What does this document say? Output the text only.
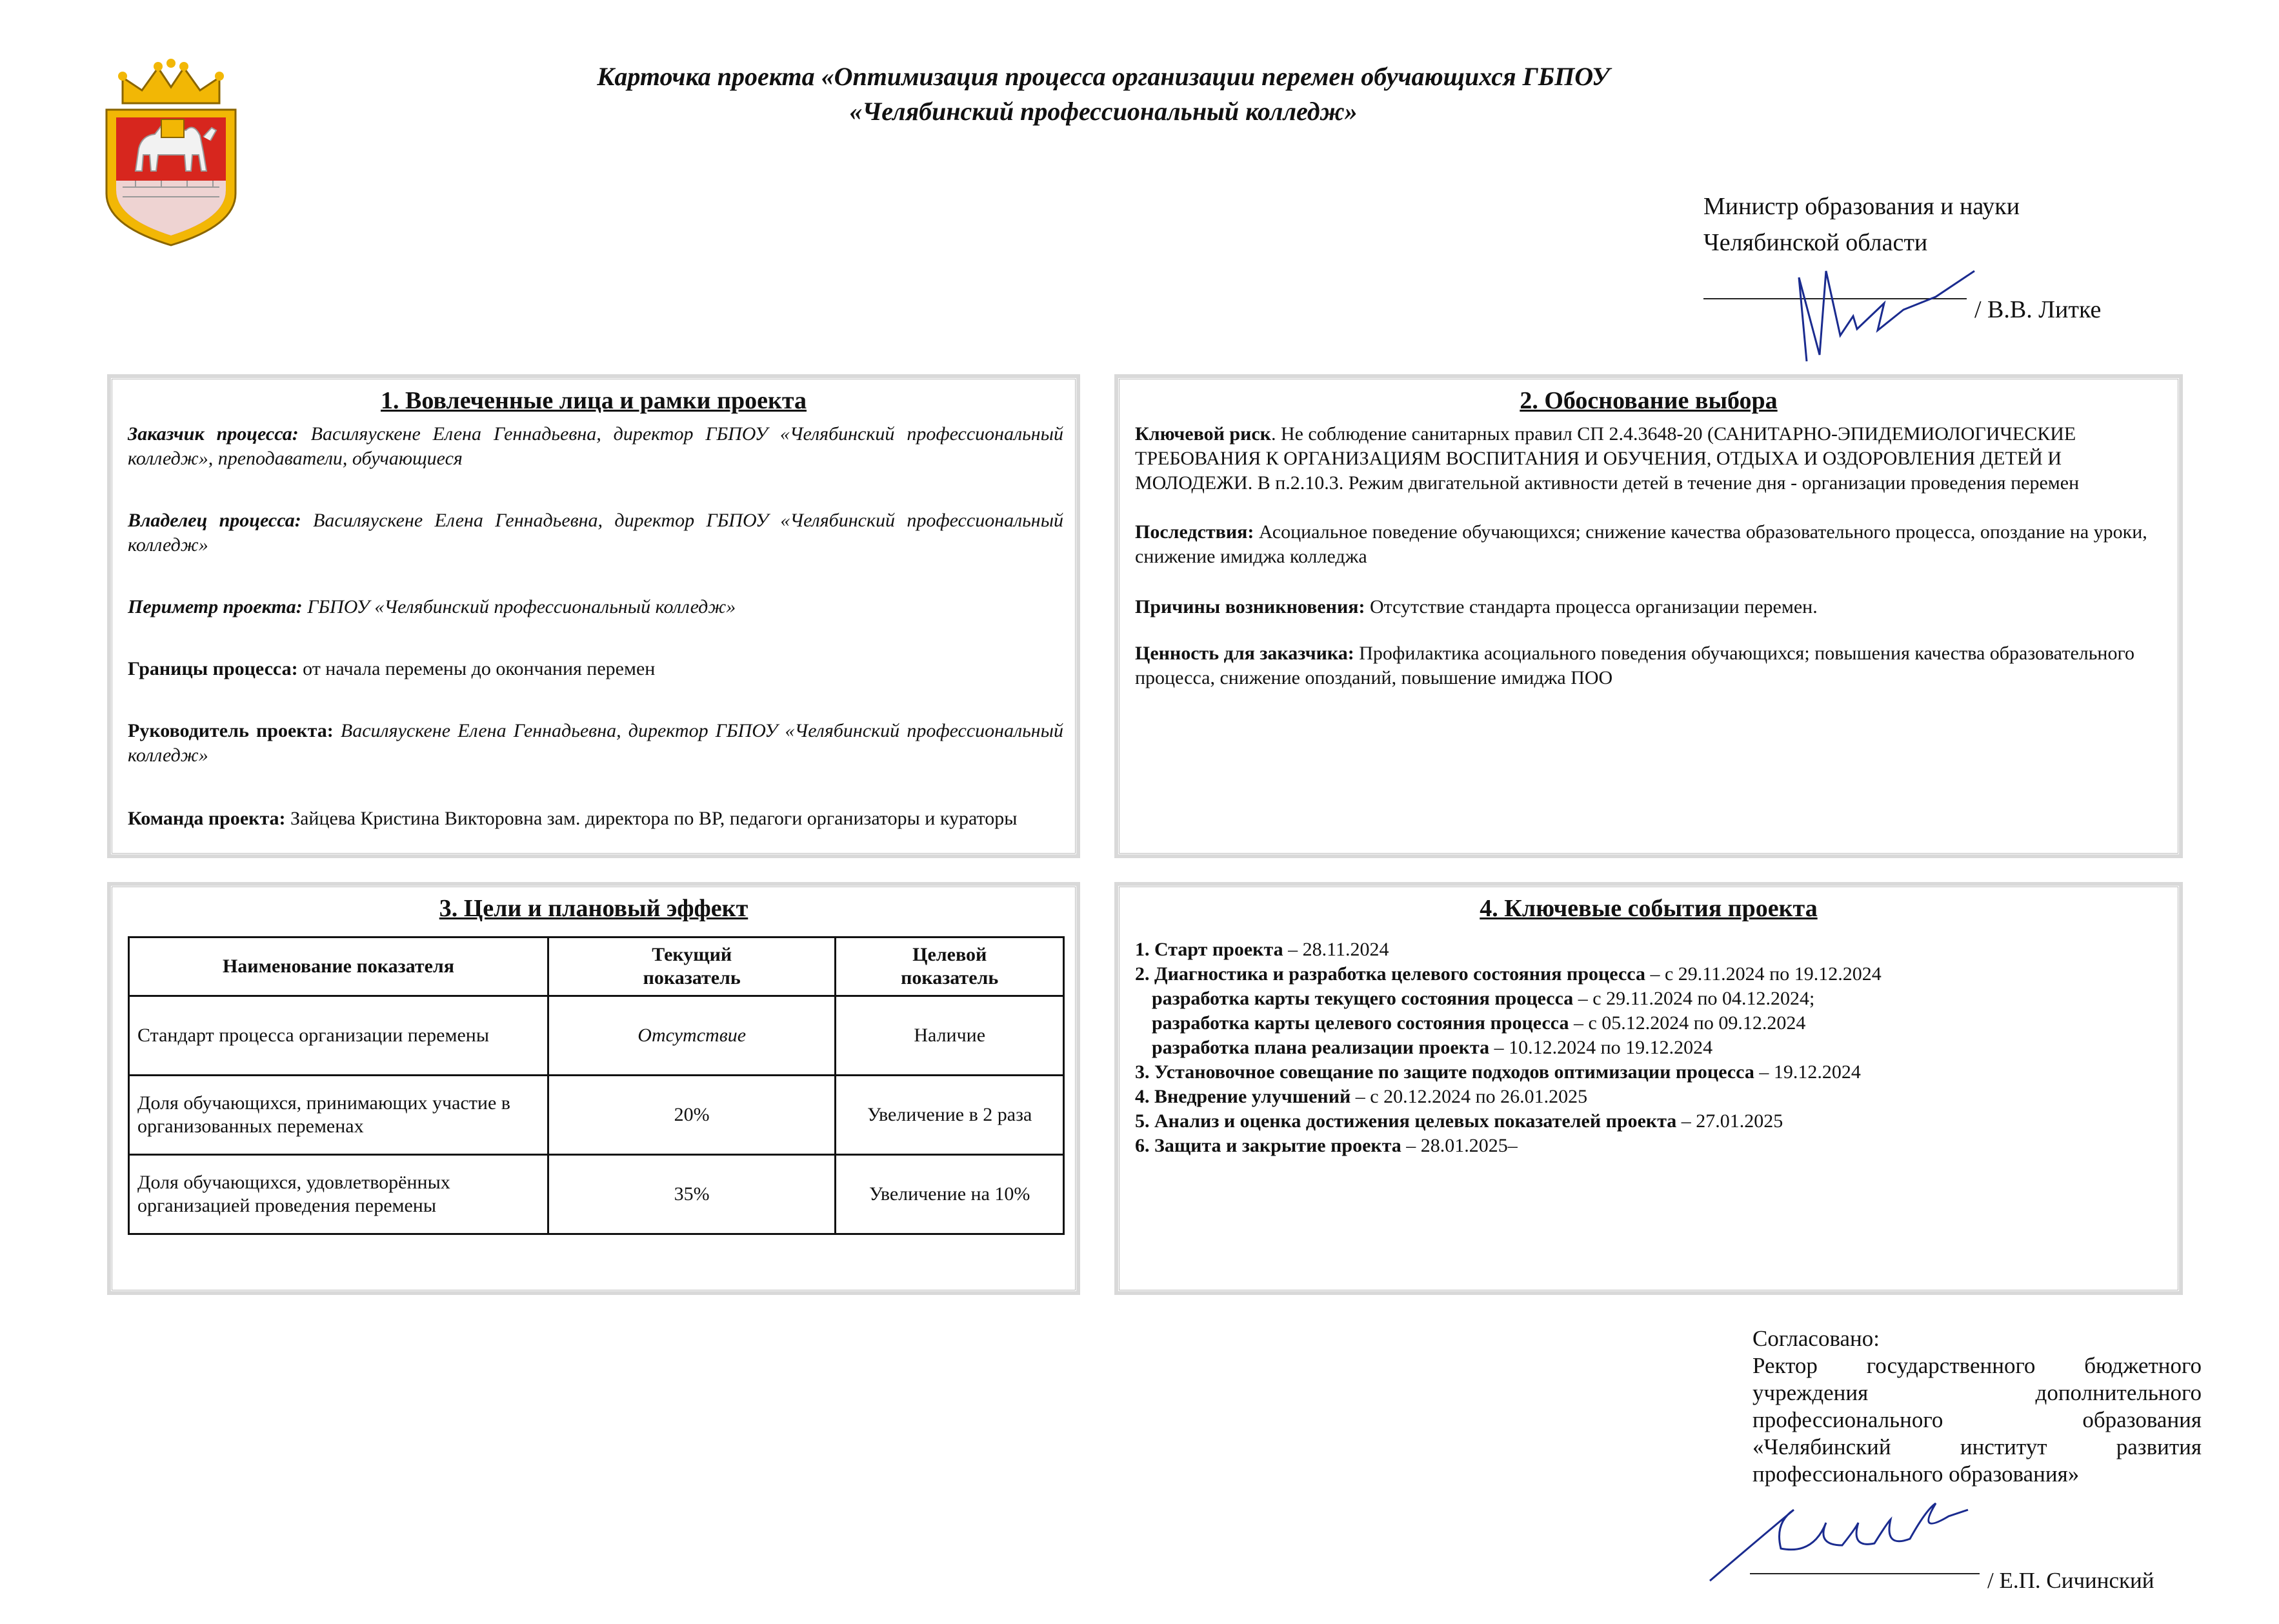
Карточка проекта «Оптимизация процесса организации перемен обучающихся ГБПОУ
«Челябинский профессиональный колледж»
Министр образования и науки
Челябинской области
/ В.В. Литке
1. Вовлеченные лица и рамки проекта
Заказчик процесса: Василяускене Елена Геннадьевна, директор ГБПОУ «Челябинский профессиональный колледж», преподаватели, обучающиеся
Владелец процесса: Василяускене Елена Геннадьевна, директор ГБПОУ «Челябинский профессиональный колледж»
Периметр проекта: ГБПОУ «Челябинский профессиональный колледж»
Границы процесса: от начала перемены до окончания перемен
Руководитель проекта: Василяускене Елена Геннадьевна, директор ГБПОУ «Челябинский профессиональный колледж»
Команда проекта: Зайцева Кристина Викторовна зам. директора по ВР, педагоги организаторы и кураторы
2. Обоснование выбора
Ключевой риск. Не соблюдение санитарных правил СП 2.4.3648-20 (САНИТАРНО-ЭПИДЕМИОЛОГИЧЕСКИЕ ТРЕБОВАНИЯ К ОРГАНИЗАЦИЯМ ВОСПИТАНИЯ И ОБУЧЕНИЯ, ОТДЫХА И ОЗДОРОВЛЕНИЯ ДЕТЕЙ И МОЛОДЕЖИ. В п.2.10.3. Режим двигательной активности детей в течение дня - организации проведения перемен
Последствия: Асоциальное поведение обучающихся; снижение качества образовательного процесса, опоздание на уроки, снижение имиджа колледжа
Причины возникновения: Отсутствие стандарта процесса организации перемен.
Ценность для заказчика: Профилактика асоциального поведения обучающихся; повышения качества образовательного процесса, снижение опозданий, повышение имиджа ПОО
3. Цели и плановый эффект
Наименование показателя	Текущий показатель	Целевой показатель
Стандарт процесса организации перемены	Отсутствие	Наличие
Доля обучающихся, принимающих участие в организованных переменах	20%	Увеличение в 2 раза
Доля обучающихся, удовлетворённых организацией проведения перемены	35%	Увеличение на 10%
4. Ключевые события проекта
1. Старт проекта – 28.11.2024
2. Диагностика и разработка целевого состояния процесса – с 29.11.2024 по 19.12.2024
разработка карты текущего состояния процесса – с 29.11.2024 по 04.12.2024;
разработка карты целевого состояния процесса – с 05.12.2024 по 09.12.2024
разработка плана реализации проекта – 10.12.2024 по 19.12.2024
3. Установочное совещание по защите подходов оптимизации процесса – 19.12.2024
4. Внедрение улучшений – с 20.12.2024 по 26.01.2025
5. Анализ и оценка достижения целевых показателей проекта – 27.01.2025
6. Защита и закрытие проекта – 28.01.2025–
Согласовано:
Ректор государственного бюджетного
учреждения дополнительного
профессионального образования
«Челябинский институт развития
профессионального образования»
/ Е.П. Сичинский
